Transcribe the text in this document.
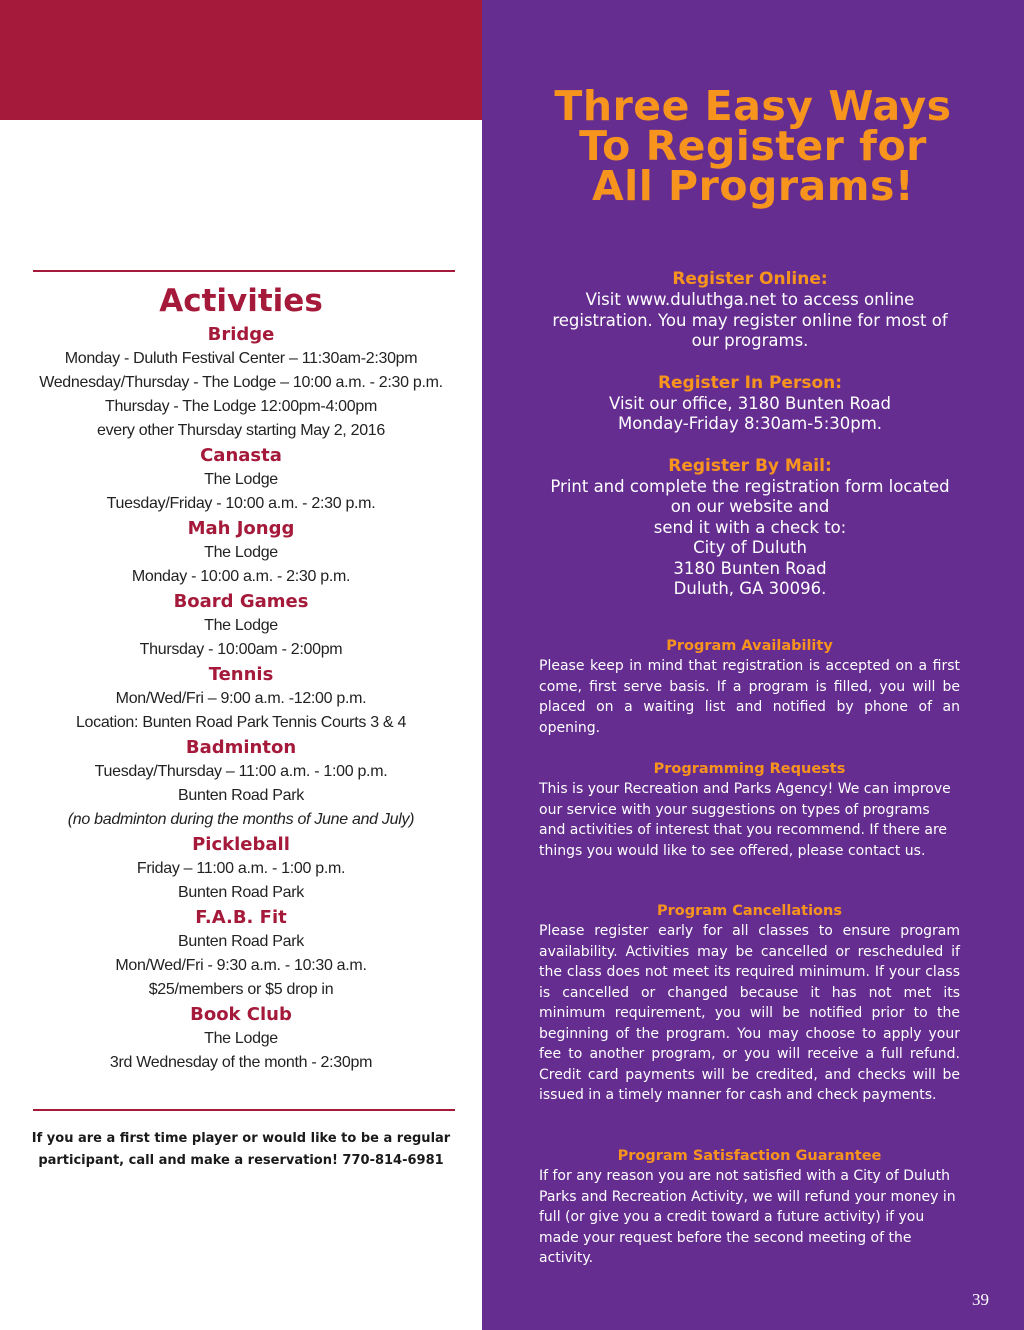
Activities
Bridge
Monday - Duluth Festival Center – 11:30am-2:30pm
Wednesday/Thursday - The Lodge – 10:00 a.m. - 2:30 p.m.
Thursday - The Lodge 12:00pm-4:00pm
every other Thursday starting May 2, 2016
Canasta
The Lodge
Tuesday/Friday - 10:00 a.m. - 2:30 p.m.
Mah Jongg
The Lodge
Monday - 10:00 a.m. - 2:30 p.m.
Board Games
The Lodge
Thursday - 10:00am - 2:00pm
Tennis
Mon/Wed/Fri – 9:00 a.m. -12:00 p.m.
Location: Bunten Road Park Tennis Courts 3 & 4
Badminton
Tuesday/Thursday – 11:00 a.m. - 1:00 p.m.
Bunten Road Park
(no badminton during the months of June and July)
Pickleball
Friday – 11:00 a.m. - 1:00 p.m.
Bunten Road Park
F.A.B. Fit
Bunten Road Park
Mon/Wed/Fri - 9:30 a.m. - 10:30 a.m.
$25/members or $5 drop in
Book Club
The Lodge
3rd Wednesday of the month - 2:30pm
If you are a first time player or would like to be a regular
participant, call and make a reservation! 770-814-6981
Three Easy Ways
To Register for
All Programs!
Register Online:
Visit www.duluthga.net to access online
registration. You may register online for most of
our programs.
Register In Person:
Visit our office, 3180 Bunten Road
Monday-Friday 8:30am-5:30pm.
Register By Mail:
Print and complete the registration form located
on our website and
send it with a check to:
City of Duluth
3180 Bunten Road
Duluth, GA 30096.
Program Availability
Please keep in mind that registration is accepted on a first come, first serve basis. If a program is filled, you will be placed on a waiting list and notified by phone of an opening.
Programming Requests
This is your Recreation and Parks Agency! We can improve our service with your suggestions on types of programs and activities of interest that you recommend. If there are things you would like to see offered, please contact us.
Program Cancellations
Please register early for all classes to ensure program availability. Activities may be cancelled or rescheduled if the class does not meet its required minimum. If your class is cancelled or changed because it has not met its minimum requirement, you will be notified prior to the beginning of the program. You may choose to apply your fee to another program, or you will receive a full refund. Credit card payments will be credited, and checks will be issued in a timely manner for cash and check payments.
Program Satisfaction Guarantee
If for any reason you are not satisfied with a City of Duluth Parks and Recreation Activity, we will refund your money in full (or give you a credit toward a future activity) if you made your request before the second meeting of the activity.
39
